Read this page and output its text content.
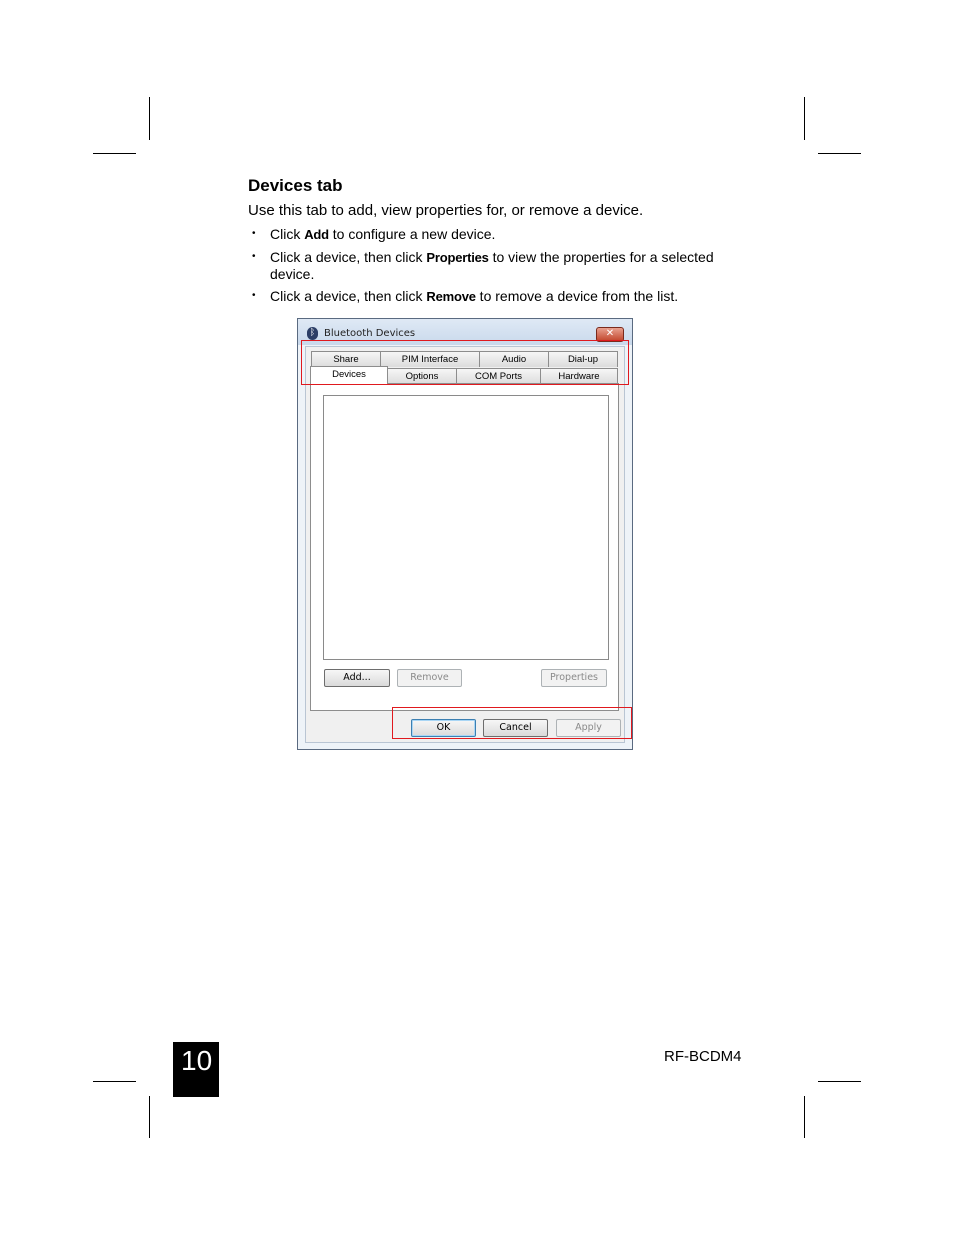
Devices tab
Use this tab to add, view properties for, or remove a device.
• Click Add to configure a new device.
• Click a device, then click Properties to view the properties for a selected device.
• Click a device, then click Remove to remove a device from the list.
ᛒ Bluetooth Devices	✕
Share	PIM Interface	Audio	Dial-up
Devices	Options	COM Ports	Hardware
Add...	Remove	Properties
OK	Cancel	Apply
10	RF-BCDM4
